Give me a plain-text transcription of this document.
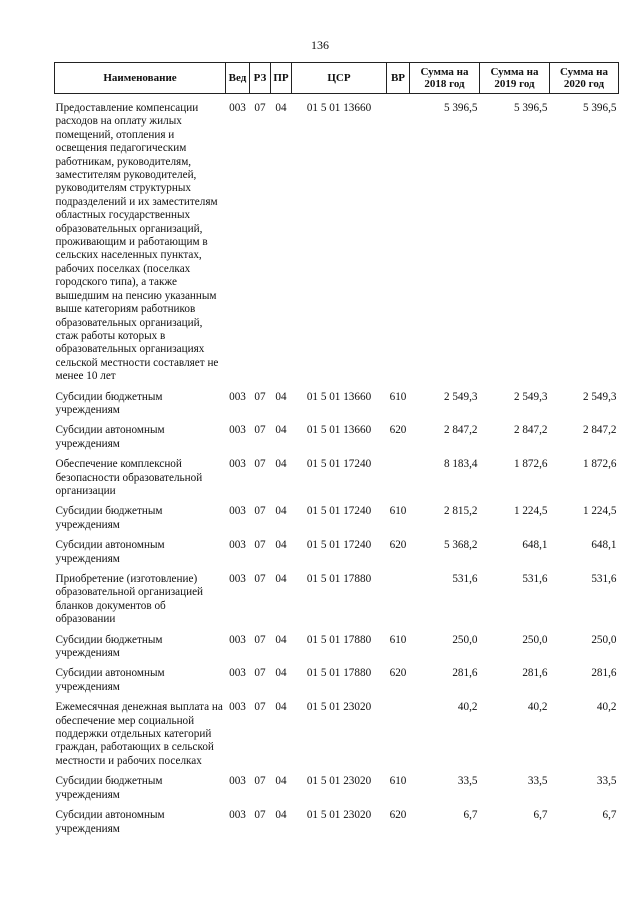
136
Наименование	Вед	РЗ	ПР	ЦСР	ВР	Сумма на 2018 год	Сумма на 2019 год	Сумма на 2020 год
Предоставление компенсации расходов на оплату жилых помещений, отопления и освещения педагогическим работникам, руководителям, заместителям руководителей, руководителям структурных подразделений и их заместителям областных государственных образовательных организаций, проживающим и работающим в сельских населенных пунктах, рабочих поселках (поселках городского типа), а также вышедшим на пенсию указанным выше категориям работников образовательных организаций, стаж работы которых в образовательных организациях сельской местности составляет не менее 10 лет	003	07	04	01 5 01 13660		5 396,5	5 396,5	5 396,5
Субсидии бюджетным учреждениям	003	07	04	01 5 01 13660	610	2 549,3	2 549,3	2 549,3
Субсидии автономным учреждениям	003	07	04	01 5 01 13660	620	2 847,2	2 847,2	2 847,2
Обеспечение комплексной безопасности образовательной организации	003	07	04	01 5 01 17240		8 183,4	1 872,6	1 872,6
Субсидии бюджетным учреждениям	003	07	04	01 5 01 17240	610	2 815,2	1 224,5	1 224,5
Субсидии автономным учреждениям	003	07	04	01 5 01 17240	620	5 368,2	648,1	648,1
Приобретение (изготовление) образовательной организацией бланков документов об образовании	003	07	04	01 5 01 17880		531,6	531,6	531,6
Субсидии бюджетным учреждениям	003	07	04	01 5 01 17880	610	250,0	250,0	250,0
Субсидии автономным учреждениям	003	07	04	01 5 01 17880	620	281,6	281,6	281,6
Ежемесячная денежная выплата на обеспечение мер социальной поддержки отдельных категорий граждан, работающих в сельской местности и рабочих поселках	003	07	04	01 5 01 23020		40,2	40,2	40,2
Субсидии бюджетным учреждениям	003	07	04	01 5 01 23020	610	33,5	33,5	33,5
Субсидии автономным учреждениям	003	07	04	01 5 01 23020	620	6,7	6,7	6,7
